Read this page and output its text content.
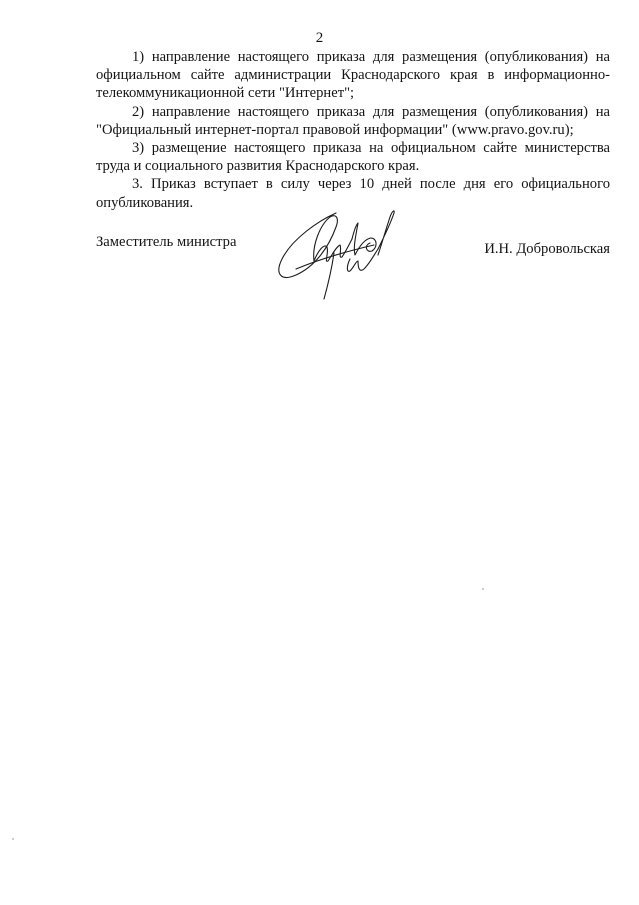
2

1) направление настоящего приказа для размещения (опубликования) на официальном сайте администрации Краснодарского края в информационно-телекоммуникационной сети "Интернет";

2) направление настоящего приказа для размещения (опубликования) на "Официальный интернет-портал правовой информации" (www.pravo.gov.ru);

3) размещение настоящего приказа на официальном сайте министерства труда и социального развития Краснодарского края.

3. Приказ вступает в силу через 10 дней после дня его официального опубликования.

Заместитель министра	И.Н. Добровольская
